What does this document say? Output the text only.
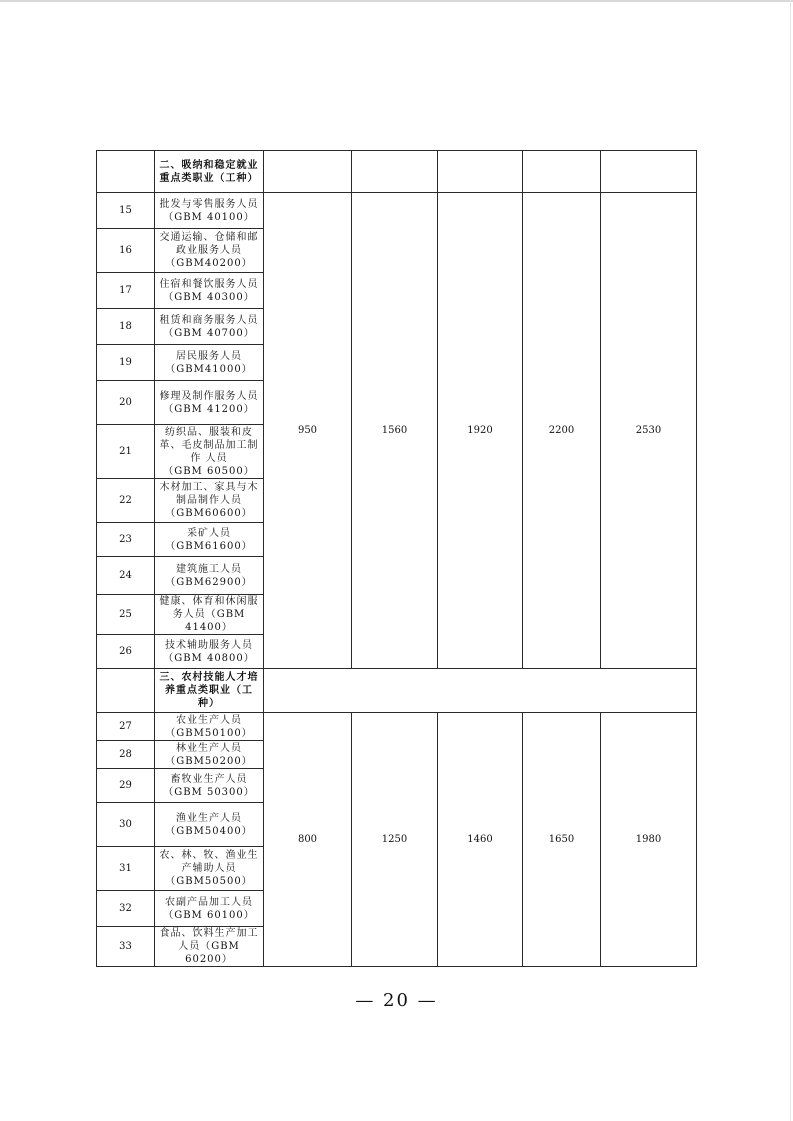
	二、吸纳和稳定就业
重点类职业（工种）					
15	批发与零售服务人员
（GBM 40100）	950	1560	1920	2200	2530
16	交通运输、仓储和邮
政业服务人员
（GBM40200）					

17	住宿和餐饮服务人员
（GBM 40300）					

18	租赁和商务服务人员
（GBM 40700）					

19	居民服务人员
（GBM41000）					

20	修理及制作服务人员
（GBM 41200）					

21	纺织品、服装和皮
革、毛皮制品加工制
作 人员
（GBM 60500）					

22	木材加工、家具与木
制品制作人员
（GBM60600）					

23	采矿人员
（GBM61600）					

24	建筑施工人员
（GBM62900）					

25	健康、体育和休闲服
务人员（GBM 41400）					

26	技术辅助服务人员
（GBM 40800）					

	三、农村技能人才培
养重点类职业（工
种）					
27	农业生产人员
（GBM50100）	800	1250	1460	1650	1980
28	林业生产人员
（GBM50200）					

29	畜牧业生产人员
（GBM 50300）					

30	渔业生产人员
（GBM50400）					

31	农、林、牧、渔业生
产辅助人员
（GBM50500）					

32	农副产品加工人员
（GBM 60100）					

33	食品、饮料生产加工
人员（GBM 60200）					
— 20 —
